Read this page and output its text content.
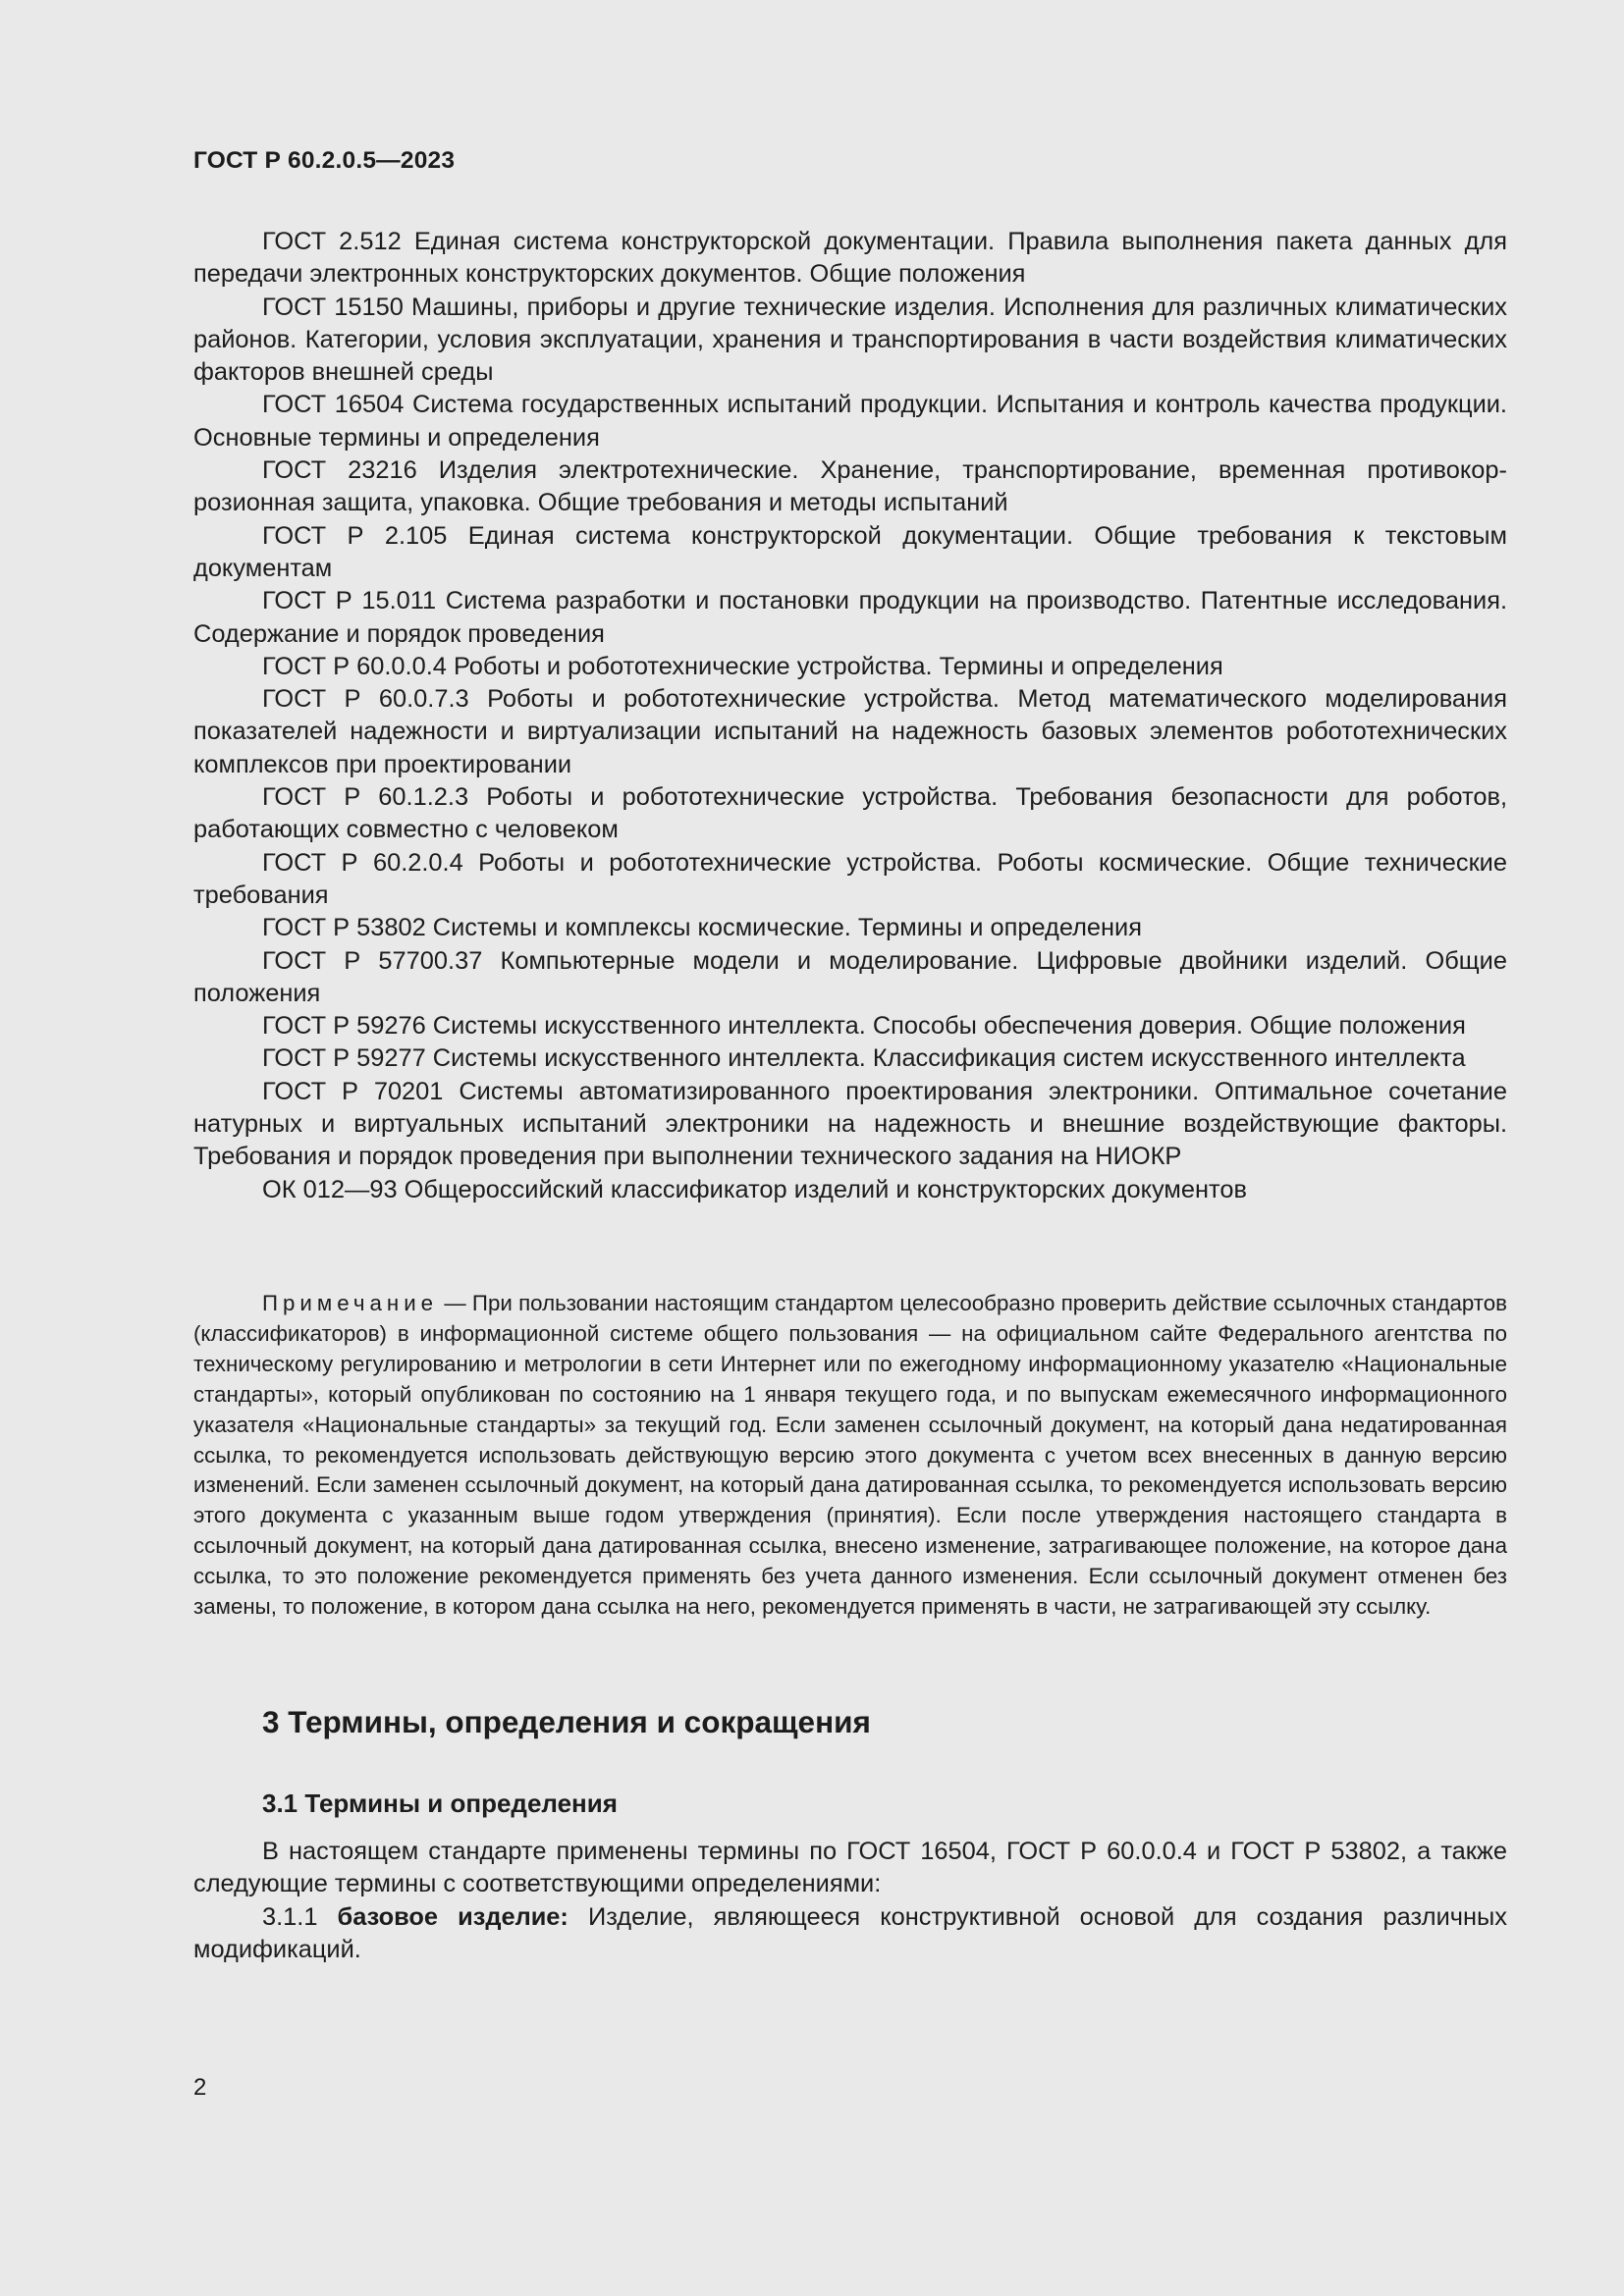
ГОСТ Р 60.2.0.5—2023

ГОСТ 2.512 Единая система конструкторской документации. Правила выполнения пакета данных для передачи электронных конструкторских документов. Общие положения

ГОСТ 15150 Машины, приборы и другие технические изделия. Исполнения для различных климатических районов. Категории, условия эксплуатации, хранения и транспортирования в части воздействия климатических факторов внешней среды

ГОСТ 16504 Система государственных испытаний продукции. Испытания и контроль качества продукции. Основные термины и определения

ГОСТ 23216 Изделия электротехнические. Хранение, транспортирование, временная противокоррозионная защита, упаковка. Общие требования и методы испытаний

ГОСТ Р 2.105 Единая система конструкторской документации. Общие требования к текстовым документам

ГОСТ Р 15.011 Система разработки и постановки продукции на производство. Патентные исследования. Содержание и порядок проведения

ГОСТ Р 60.0.0.4 Роботы и робототехнические устройства. Термины и определения

ГОСТ Р 60.0.7.3 Роботы и робототехнические устройства. Метод математического моделирования показателей надежности и виртуализации испытаний на надежность базовых элементов робототехнических комплексов при проектировании

ГОСТ Р 60.1.2.3 Роботы и робототехнические устройства. Требования безопасности для роботов, работающих совместно с человеком

ГОСТ Р 60.2.0.4 Роботы и робототехнические устройства. Роботы космические. Общие технические требования

ГОСТ Р 53802 Системы и комплексы космические. Термины и определения

ГОСТ Р 57700.37 Компьютерные модели и моделирование. Цифровые двойники изделий. Общие положения

ГОСТ Р 59276 Системы искусственного интеллекта. Способы обеспечения доверия. Общие положения

ГОСТ Р 59277 Системы искусственного интеллекта. Классификация систем искусственного интеллекта

ГОСТ Р 70201 Системы автоматизированного проектирования электроники. Оптимальное сочетание натурных и виртуальных испытаний электроники на надежность и внешние воздействующие факторы. Требования и порядок проведения при выполнении технического задания на НИОКР

ОК 012—93 Общероссийский классификатор изделий и конструкторских документов

Примечание — При пользовании настоящим стандартом целесообразно проверить действие ссылочных стандартов (классификаторов) в информационной системе общего пользования — на официальном сайте Федерального агентства по техническому регулированию и метрологии в сети Интернет или по ежегодному информационному указателю «Национальные стандарты», который опубликован по состоянию на 1 января текущего года, и по выпускам ежемесячного информационного указателя «Национальные стандарты» за текущий год. Если заменен ссылочный документ, на который дана недатированная ссылка, то рекомендуется использовать действующую версию этого документа с учетом всех внесенных в данную версию изменений. Если заменен ссылочный документ, на который дана датированная ссылка, то рекомендуется использовать версию этого документа с указанным выше годом утверждения (принятия). Если после утверждения настоящего стандарта в ссылочный документ, на который дана датированная ссылка, внесено изменение, затрагивающее положение, на которое дана ссылка, то это положение рекомендуется применять без учета данного изменения. Если ссылочный документ отменен без замены, то положение, в котором дана ссылка на него, рекомендуется применять в части, не затрагивающей эту ссылку.

3 Термины, определения и сокращения
3.1 Термины и определения

В настоящем стандарте применены термины по ГОСТ 16504, ГОСТ Р 60.0.0.4 и ГОСТ Р 53802, а также следующие термины с соответствующими определениями:

3.1.1 базовое изделие: Изделие, являющееся конструктивной основой для создания различных модификаций.

2
